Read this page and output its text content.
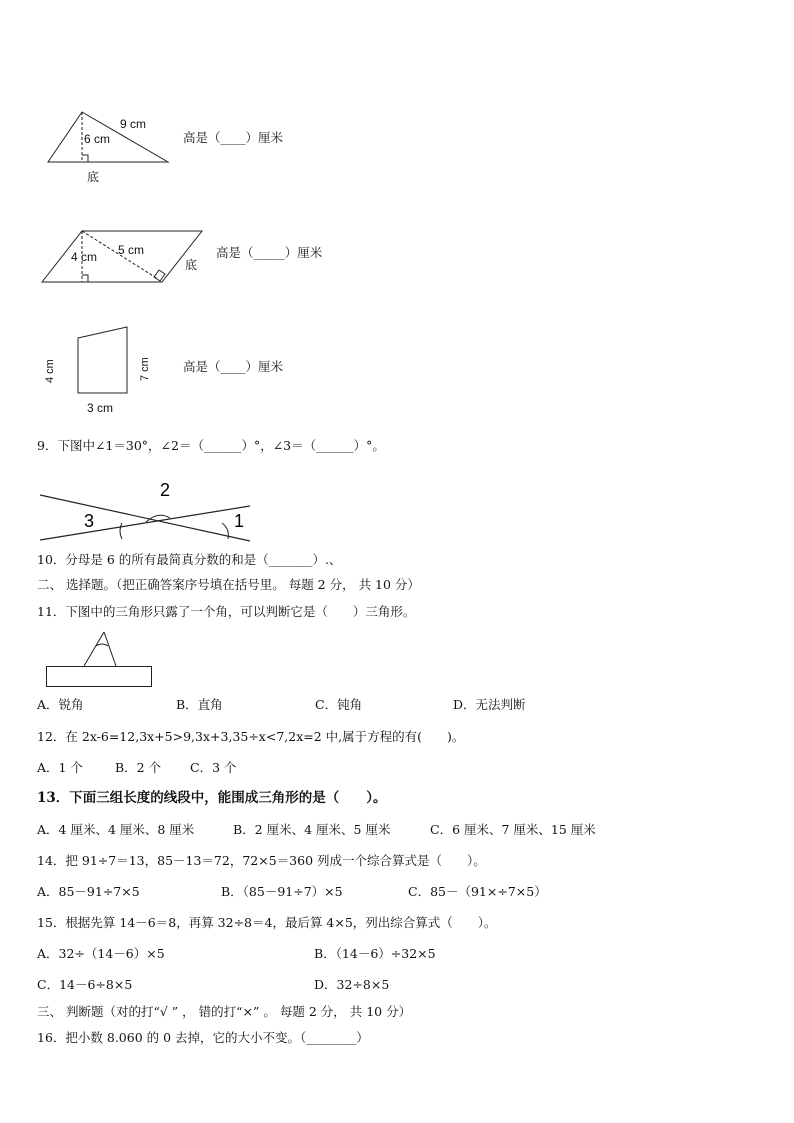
9 cm
6 cm
底
高是（____）厘米
5 cm
4 cm
底
高是（_____）厘米
4 cm	7 cm
3 cm
高是（____）厘米
9．下图中∠1＝30°，∠2＝（______）°，∠3＝（______）°。
2
3	1
10．分母是 6 的所有最简真分数的和是（_______）.、
二、 选择题。（把正确答案序号填在括号里。 每题 2 分， 共 10 分）
11．下图中的三角形只露了一个角，可以判断它是（　　）三角形。
A．锐角	B．直角	C．钝角	D．无法判断
12．在 2x-6=12,3x+5>9,3x+3,35÷x<7,2x=2 中,属于方程的有(　　)。
A．1 个	B．2 个 C．3 个
13．下面三组长度的线段中，能围成三角形的是（　　）。
A．4 厘米、4 厘米、8 厘米	B．2 厘米、4 厘米、5 厘米	C．6 厘米、7 厘米、15 厘米
14．把 91÷7＝13，85－13＝72，72×5＝360 列成一个综合算式是（　　）。
A．85－91÷7×5	B．（85－91÷7）×5	C．85－（91×÷7×5）
15．根据先算 14－6＝8，再算 32÷8＝4，最后算 4×5，列出综合算式（　　）。
A．32÷（14－6）×5	B．（14－6）÷32×5
C．14－6÷8×5	D．32÷8×5
三、 判断题（对的打“√ ” ， 错的打“×” 。 每题 2 分， 共 10 分）
16．把小数 8.060 的 0 去掉，它的大小不变。（________）
